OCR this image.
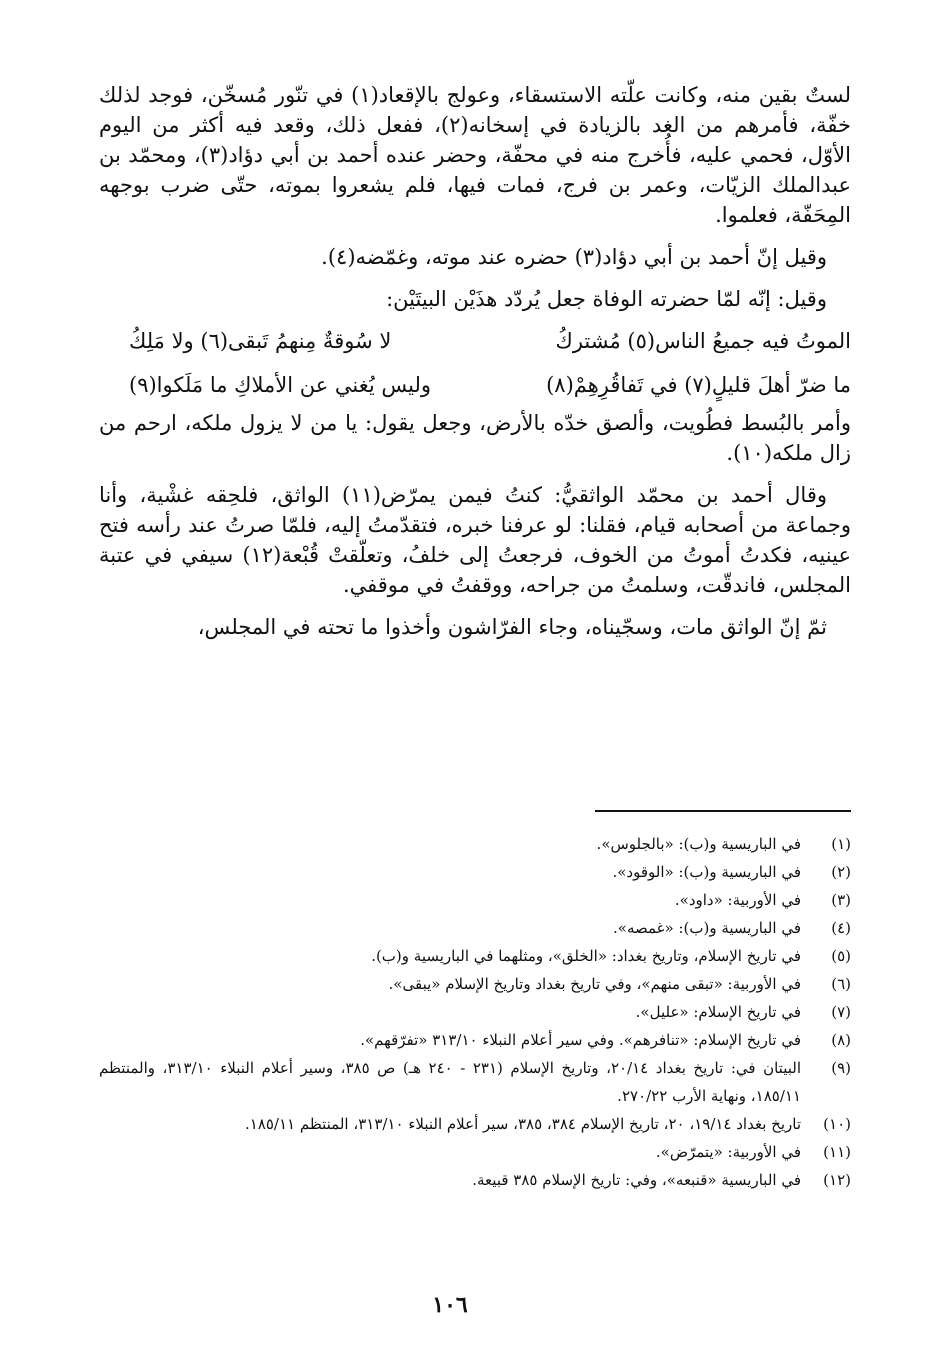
لستٌ بقين منه، وكانت علّته الاستسقاء، وعولج بالإقعاد(١) في تنّور مُسخّن، فوجد لذلك خفّة، فأمرهم من الغد بالزيادة في إسخانه(٢)، ففعل ذلك، وقعد فيه أكثر من اليوم الأوّل، فحمي عليه، فأُخرج منه في محفّة، وحضر عنده أحمد بن أبي دؤاد(٣)، ومحمّد بن عبدالملك الزيّات، وعمر بن فرج، فمات فيها، فلم يشعروا بموته، حتّى ضرب بوجهه المِحَفّة، فعلموا.

وقيل إنّ أحمد بن أبي دؤاد(٣) حضره عند موته، وغمّضه(٤).

وقيل: إنّه لمّا حضرته الوفاة جعل يُردّد هذَيْن البيتَيْن:

الموتُ فيه جميعُ الناس(٥) مُشتركُ
لا سُوقةٌ مِنهمُ تَبقى(٦) ولا مَلِكُ
ما ضرّ أهلَ قليلٍ(٧) في تَفاقُرِهِمْ(٨)
وليس يُغني عن الأملاكِ ما مَلَكوا(٩)

وأمر بالبُسط فطُويت، وألصق خدّه بالأرض، وجعل يقول: يا من لا يزول ملكه، ارحم من زال ملكه(١٠).

وقال أحمد بن محمّد الواثقيُّ: كنتُ فيمن يمرّض(١١) الواثق، فلحِقه غشْية، وأنا وجماعة من أصحابه قيام، فقلنا: لو عرفنا خبره، فتقدّمتُ إليه، فلمّا صرتُ عند رأسه فتح عينيه، فكدتُ أموتُ من الخوف، فرجعتُ إلى خلفُ، وتعلّقتْ قُبْعة(١٢) سيفي في عتبة المجلس، فاندقّت، وسلمتُ من جراحه، ووقفتُ في موقفي.

ثمّ إنّ الواثق مات، وسجّيناه، وجاء الفرّاشون وأخذوا ما تحته في المجلس،

(١)
في الباريسية و(ب): «بالجلوس».
(٢)
في الباريسية و(ب): «الوقود».
(٣)
في الأوربية: «داود».
(٤)
في الباريسية و(ب): «غمصه».
(٥)
في تاريخ الإسلام، وتاريخ بغداد: «الخلق»، ومثلهما في الباريسية و(ب).
(٦)
في الأوربية: «تبقى منهم»، وفي تاريخ بغداد وتاريخ الإسلام «يبقى».
(٧)
في تاريخ الإسلام: «عليل».
(٨)
في تاريخ الإسلام: «تنافرهم». وفي سير أعلام النبلاء ٣١٣/١٠ «تفرّقهم».
(٩)
البيتان في: تاريخ بغداد ٢٠/١٤، وتاريخ الإسلام (٢٣١ - ٢٤٠ هـ) ص ٣٨٥، وسير أعلام النبلاء ٣١٣/١٠، والمنتظم ١٨٥/١١، ونهاية الأرب ٢٧٠/٢٢.
(١٠)
تاريخ بغداد ١٩/١٤، ٢٠، تاريخ الإسلام ٣٨٤، ٣٨٥، سير أعلام النبلاء ٣١٣/١٠، المنتظم ١٨٥/١١.
(١١)
في الأوربية: «يتمرّض».
(١٢)
في الباريسية «قنبعه»، وفي: تاريخ الإسلام ٣٨٥ قبيعة.
١٠٦
